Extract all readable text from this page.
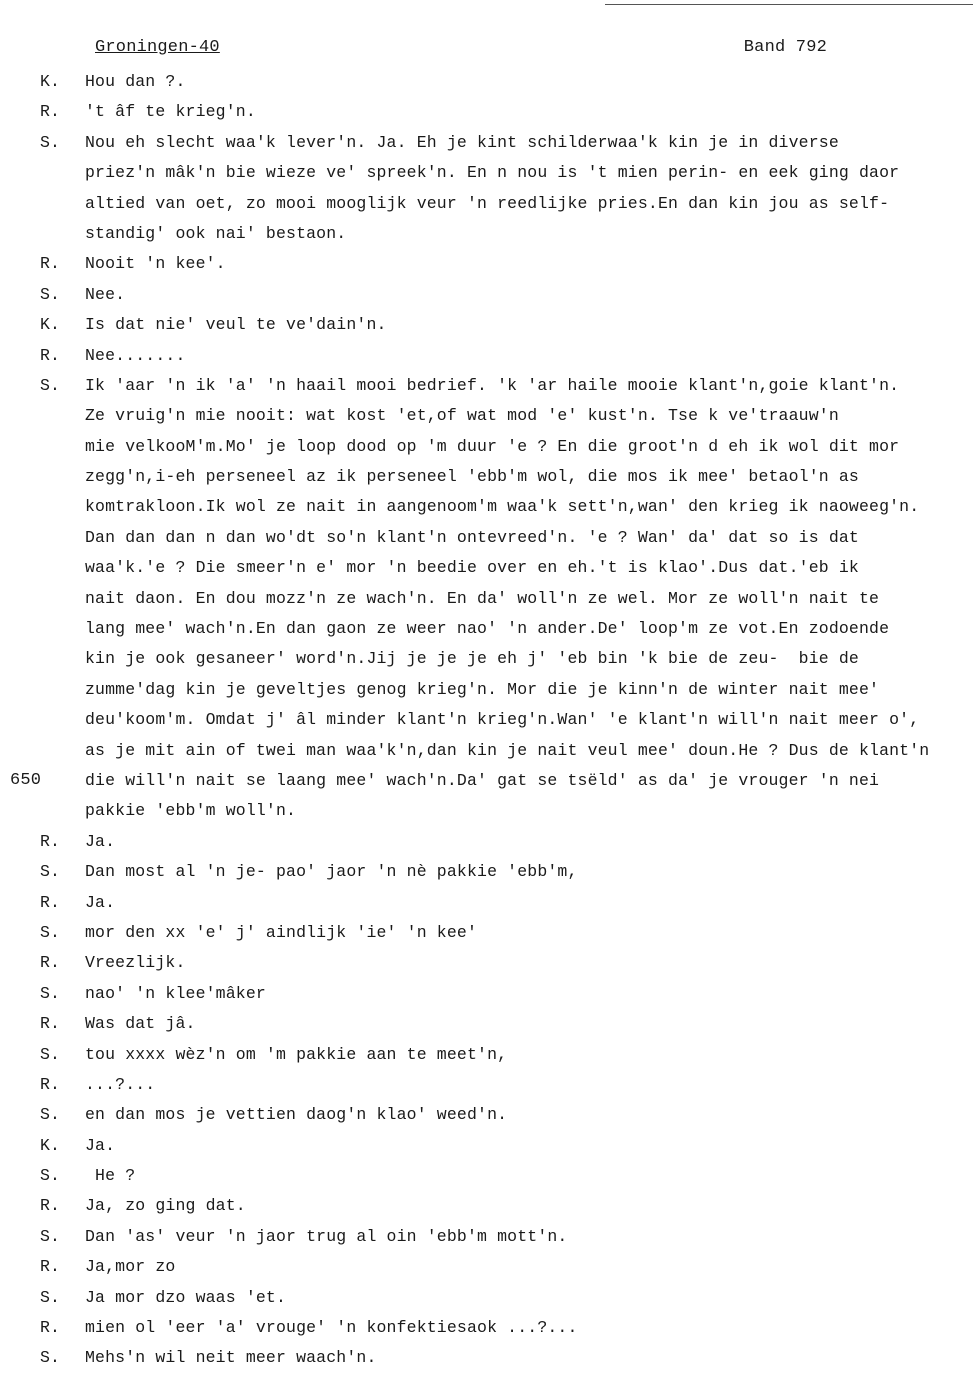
Groningen-40	Band 792
K.	Hou dan ?.
R.	't âf te krieg'n.
S.	Nou eh slecht waa'k lever'n. Ja. Eh je kint schilderwaa'k kin je in diverse
priez'n mâk'n bie wieze ve' spreek'n. En n nou is 't mien perin- en eek ging daor
altied van oet, zo mooi mooglijk veur 'n reedlijke pries.En dan kin jou as self-
standig' ook nai' bestaon.
R.	Nooit 'n kee'.
S.	Nee.
K.	Is dat nie' veul te ve'dain'n.
R.	Nee.......
S.	Ik 'aar 'n ik 'a' 'n haail mooi bedrief. 'k 'ar haile mooie klant'n,goie klant'n.
Ze vruig'n mie nooit: wat kost 'et,of wat mod 'e' kust'n. Tse k ve'traauw'n
mie velkooM'm.Mo' je loop dood op 'm duur 'e ? En die groot'n d eh ik wol dit mor
zegg'n,i-eh perseneel az ik perseneel 'ebb'm wol, die mos ik mee' betaol'n as
komtrakloon.Ik wol ze nait in aangenoom'm waa'k sett'n,wan' den krieg ik naoweeg'n.
Dan dan dan n dan wo'dt so'n klant'n ontevreed'n. 'e ? Wan' da' dat so is dat
waa'k.'e ? Die smeer'n e' mor 'n beedie over en eh.'t is klao'.Dus dat.'eb ik
nait daon. En dou mozz'n ze wach'n. En da' woll'n ze wel. Mor ze woll'n nait te
lang mee' wach'n.En dan gaon ze weer nao' 'n ander.De' loop'm ze vot.En zodoende
kin je ook gesaneer' word'n.Jij je je je eh j' 'eb bin 'k bie de zeu-  bie de
zumme'dag kin je geveltjes genog krieg'n. Mor die je kinn'n de winter nait mee'
deu'koom'm. Omdat j' âl minder klant'n krieg'n.Wan' 'e klant'n will'n nait meer o',
as je mit ain of twei man waa'k'n,dan kin je nait veul mee' doun.He ? Dus de klant'n
650	die will'n nait se laang mee' wach'n.Da' gat se tsëld' as da' je vrouger 'n nei
pakkie 'ebb'm woll'n.
R.	Ja.
S.	Dan most al 'n je- pao' jaor 'n nè pakkie 'ebb'm,
R.	Ja.
S.	mor den xx 'e' j' aindlijk 'ie' 'n kee'
R.	Vreezlijk.
S.	nao' 'n klee'mâker
R.	Was dat jâ.
S.	tou xxxx wèz'n om 'm pakkie aan te meet'n,
R.	...?...
S.	en dan mos je vettien daog'n klao' weed'n.
K.	Ja.
S.	He ?
R.	Ja, zo ging dat.
S.	Dan 'as' veur 'n jaor trug al oin 'ebb'm mott'n.
R.	Ja,mor zo
S.	Ja mor dzo waas 'et.
R.	mien ol 'eer 'a' vrouge' 'n konfektiesaok ...?...
S.	Mehs'n wil neit meer waach'n.
